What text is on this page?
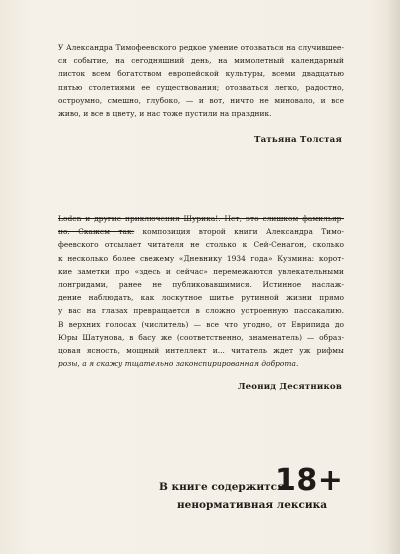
У Александра Тимофеевского редкое умение отозваться на случившее-
ся событие, на сегодняшний день, на мимолетный календарный
листок всем богатством европейской культуры, всеми двадцатью
пятью столетиями ее существования; отозваться легко, радостно,
остроумно, смешно, глубоко, — и вот, ничто не миновало, и все
живо, и все в цвету, и нас тоже пустили на праздник.
Татьяна Толстая
Loden и другие приключения Шурика!. Нет, это слишком фамильяр-
но. Скажем так: композиция второй книги Александра Тимо-
феевского отсылает читателя не столько к Сей-Сенагон, сколько
к несколько более свежему «Дневнику 1934 года» Кузмина: корот-
кие заметки про «здесь и сейчас» перемежаются увлекательными
лонгридами, ранее не публиковавшимися. Истинное наслаж-
дение наблюдать, как лоскутное шитье рутинной жизни прямо
у вас на глазах превращается в сложно устроенную пассакалию.
В верхних голосах (числитель) — все что угодно, от Еврипида до
Юры Шатунова, в басу же (соответственно, знаменатель) — образ-
цовая ясность, мощный интеллект и... читатель ждет уж рифмы
розы, а я скажу тщательно законспирированная доброта.
Леонид Десятников
В книге содержится
ненормативная лексика
18+
